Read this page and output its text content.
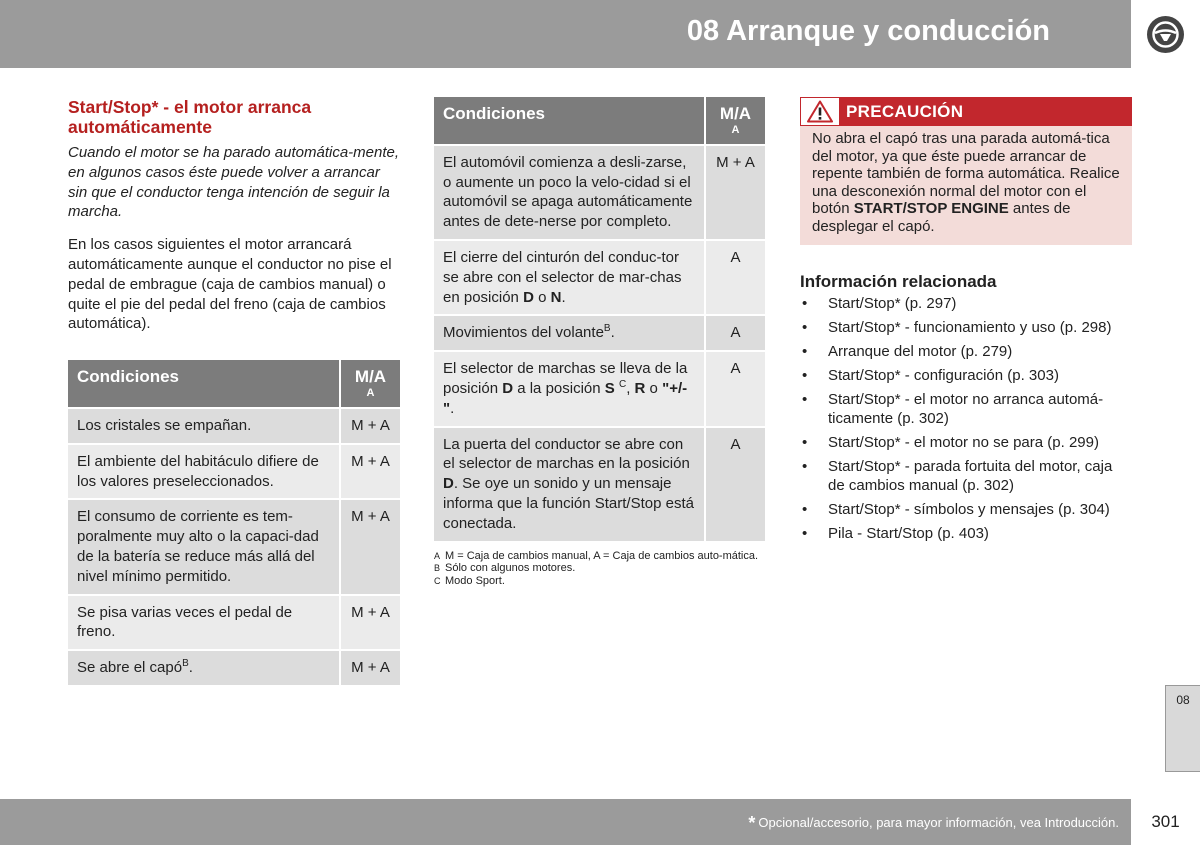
08 Arranque y conducción
Start/Stop* - el motor arranca automáticamente
Cuando el motor se ha parado automática-mente, en algunos casos éste puede volver a arrancar sin que el conductor tenga intención de seguir la marcha.
En los casos siguientes el motor arrancará automáticamente aunque el conductor no pise el pedal de embrague (caja de cambios manual) o quite el pie del pedal del freno (caja de cambios automática).
Condiciones	M/A
A

Los cristales se empañan.	M + A
El ambiente del habitáculo difiere de los valores preseleccionados.	M + A
El consumo de corriente es tem-poralmente muy alto o la capaci-dad de la batería se reduce más allá del nivel mínimo permitido.	M + A
Se pisa varias veces el pedal de freno.	M + A
Se abre el capó$^B$.	M + A
Condiciones	M/A
A

El automóvil comienza a desli-zarse, o aumente un poco la velo-cidad si el automóvil se apaga automáticamente antes de dete-nerse por completo.	M + A
El cierre del cinturón del conduc-tor se abre con el selector de mar-chas en posición D o N.	A
Movimientos del volante$^B$.	A
El selector de marchas se lleva de la posición D a la posición S $^C$, R o "+/-".	A
La puerta del conductor se abre con el selector de marchas en la posición D. Se oye un sonido y un mensaje informa que la función Start/Stop está conectada.	A
A M = Caja de cambios manual, A = Caja de cambios auto-mática.
B Sólo con algunos motores.
C Modo Sport.
PRECAUCIÓN
No abra el capó tras una parada automá-tica del motor, ya que éste puede arrancar de repente también de forma automática. Realice una desconexión normal del motor con el botón START/STOP ENGINE antes de desplegar el capó.
Información relacionada
• Start/Stop* (p. 297)
• Start/Stop* - funcionamiento y uso (p. 298)
• Arranque del motor (p. 279)
• Start/Stop* - configuración (p. 303)
• Start/Stop* - el motor no arranca automá-ticamente (p. 302)
• Start/Stop* - el motor no se para (p. 299)
• Start/Stop* - parada fortuita del motor, caja de cambios manual (p. 302)
• Start/Stop* - símbolos y mensajes (p. 304)
• Pila - Start/Stop (p. 403)
08
* Opcional/accesorio, para mayor información, vea Introducción.	301
